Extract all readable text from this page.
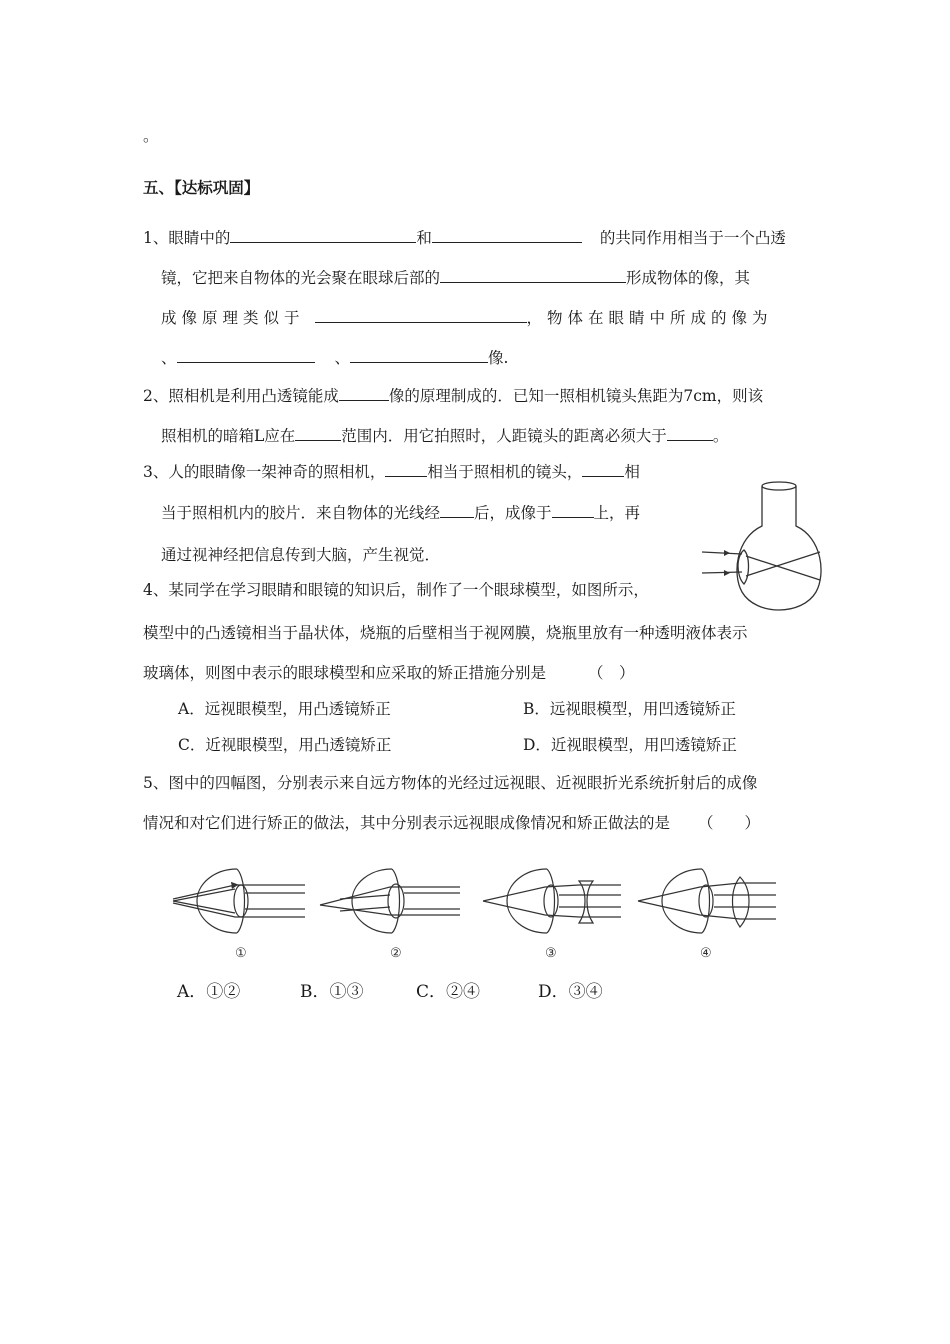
。
五、【达标巩固】
1、眼睛中的	和	的共同作用相当于一个凸透
镜，它把来自物体的光会聚在眼球后部的	形成物体的像，其
成像原理类似于	，物体在眼睛中所成的像为
、	、	像.
2、照相机是利用凸透镜能成	像的原理制成的．已知一照相机镜头焦距为7cm，则该
照相机的暗箱L应在	范围内．用它拍照时，人距镜头的距离必须大于	。
3、人的眼睛像一架神奇的照相机，	相当于照相机的镜头，	相
当于照相机内的胶片．来自物体的光线经 后，成像于	上，再
通过视神经把信息传到大脑，产生视觉．
4、某同学在学习眼睛和眼镜的知识后，制作了一个眼球模型，如图所示，
模型中的凸透镜相当于晶状体，烧瓶的后壁相当于视网膜，烧瓶里放有一种透明液体表示
玻璃体，则图中表示的眼球模型和应采取的矫正措施分别是	（　）
A．远视眼模型，用凸透镜矫正	B．远视眼模型，用凹透镜矫正
C．近视眼模型，用凸透镜矫正	D．近视眼模型，用凹透镜矫正
5、图中的四幅图，分别表示来自远方物体的光经过远视眼、近视眼折光系统折射后的成像
情况和对它们进行矫正的做法，其中分别表示远视眼成像情况和矫正做法的是 （　　）
①	②	③	④
A．①②	B．①③	C．②④	D．③④
